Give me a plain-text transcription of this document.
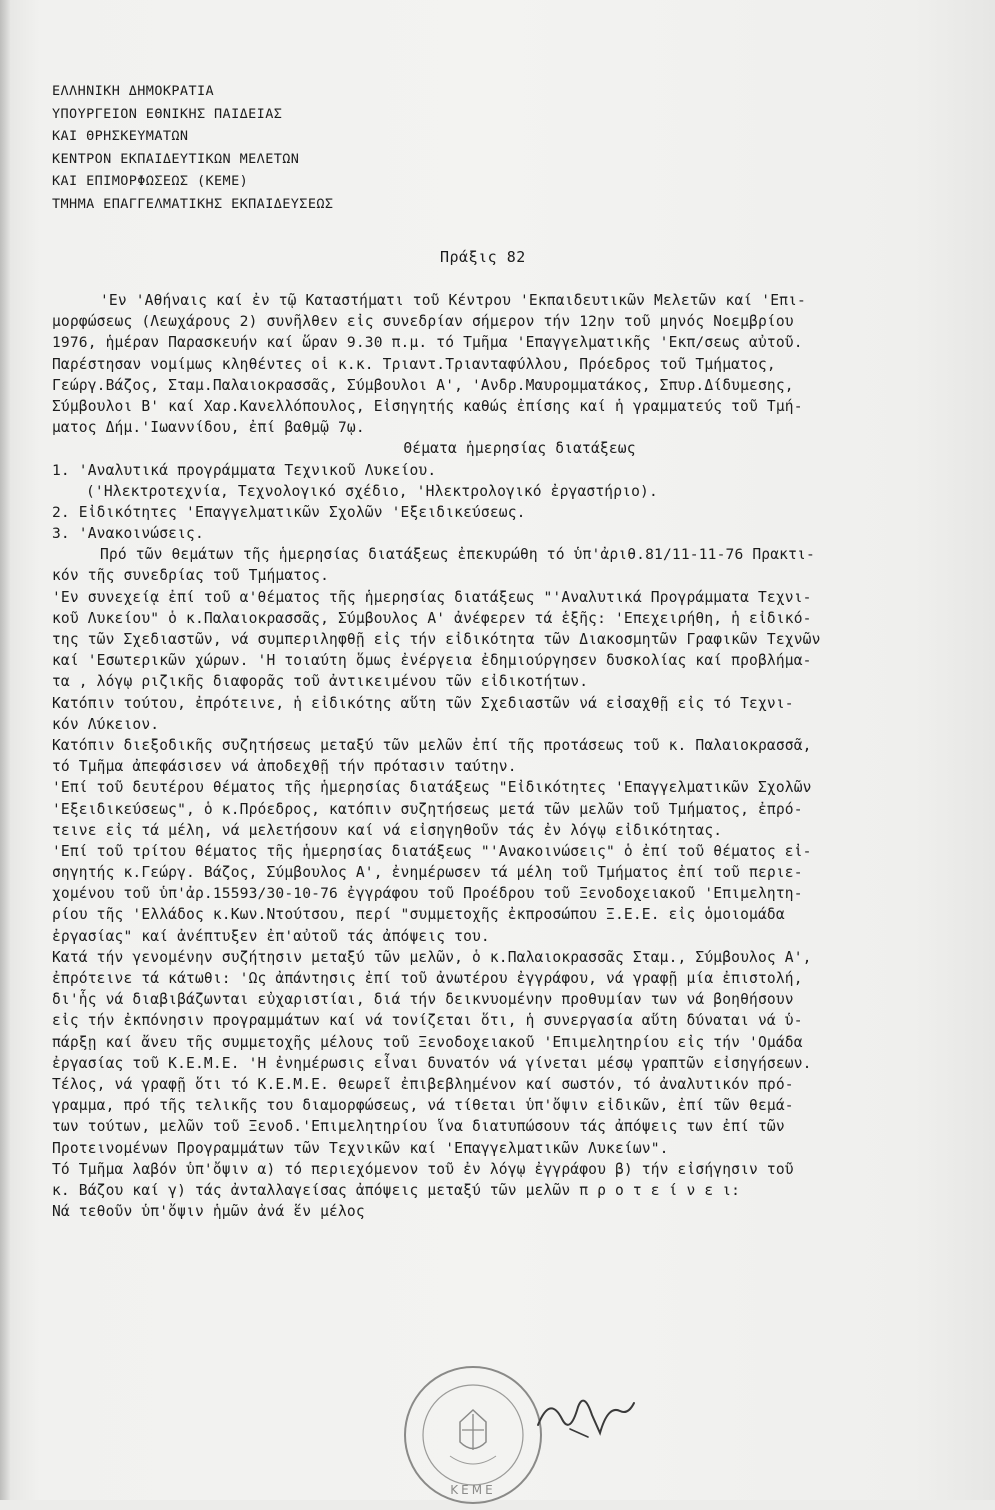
ΕΛΛΗΝΙΚΗ ΔΗΜΟΚΡΑΤΙΑ
ΥΠΟΥΡΓΕΙΟΝ ΕΘΝΙΚΗΣ ΠΑΙΔΕΙΑΣ
ΚΑΙ ΘΡΗΣΚΕΥΜΑΤΩΝ
ΚΕΝΤΡΟΝ ΕΚΠΑΙΔΕΥΤΙΚΩΝ ΜΕΛΕΤΩΝ
ΚΑΙ ΕΠΙΜΟΡΦΩΣΕΩΣ (ΚΕΜΕ)
ΤΜΗΜΑ ΕΠΑΓΓΕΛΜΑΤΙΚΗΣ ΕΚΠΑΙΔΕΥΣΕΩΣ
Πράξις 82
'Εν 'Αθήναις καί ἐν τῷ Καταστήματι τοῦ Κέντρου 'Εκπαιδευτικῶν Μελετῶν καί 'Επι-
μορφώσεως (Λεωχάρους 2) συνῆλθεν εἰς συνεδρίαν σήμερον τήν 12ην τοῦ μηνός Νοεμβρίου
1976, ἡμέραν Παρασκευήν καί ὥραν 9.30 π.μ. τό Τμῆμα 'Επαγγελματικῆς 'Εκπ/σεως αὐτοῦ.
Παρέστησαν νομίμως κληθέντες οἱ κ.κ. Τριαντ.Τριανταφύλλου, Πρόεδρος τοῦ Τμήματος,
Γεώργ.Βάζος, Σταμ.Παλαιοκρασσᾶς, Σύμβουλοι Α', 'Ανδρ.Μαυρομματάκος, Σπυρ.Δίδυμεσης,
Σύμβουλοι Β' καί Χαρ.Κανελλόπουλος, Εἰσηγητής καθώς ἐπίσης καί ἡ γραμματεύς τοῦ Τμή-
ματος Δήμ.'Ιωαννίδου, ἐπί βαθμῷ 7ῳ.
Θέματα ἡμερησίας διατάξεως
1. 'Αναλυτικά προγράμματα Τεχνικοῦ Λυκείου.
('Ηλεκτροτεχνία, Τεχνολογικό σχέδιο, 'Ηλεκτρολογικό ἐργαστήριο).
2. Εἰδικότητες 'Επαγγελματικῶν Σχολῶν 'Εξειδικεύσεως.
3. 'Ανακοινώσεις.
Πρό τῶν θεμάτων τῆς ἡμερησίας διατάξεως ἐπεκυρώθη τό ὑπ'ἀριθ.81/11-11-76 Πρακτι-
κόν τῆς συνεδρίας τοῦ Τμήματος.
'Εν συνεχείᾳ ἐπί τοῦ α'θέματος τῆς ἡμερησίας διατάξεως "'Αναλυτικά Προγράμματα Τεχνι-
κοῦ Λυκείου" ὁ κ.Παλαιοκρασσᾶς, Σύμβουλος Α' ἀνέφερεν τά ἑξῆς: 'Επεχειρήθη, ἡ εἰδικό-
της τῶν Σχεδιαστῶν, νά συμπεριληφθῇ εἰς τήν εἰδικότητα τῶν Διακοσμητῶν Γραφικῶν Τεχνῶν
καί 'Εσωτερικῶν χώρων. 'Η τοιαύτη ὅμως ἐνέργεια ἐδημιούργησεν δυσκολίας καί προβλήμα-
τα , λόγῳ ριζικῆς διαφορᾶς τοῦ ἀντικειμένου τῶν εἰδικοτήτων.
Κατόπιν τούτου, ἐπρότεινε, ἡ εἰδικότης αὕτη τῶν Σχεδιαστῶν νά εἰσαχθῇ εἰς τό Τεχνι-
κόν Λύκειον.
Κατόπιν διεξοδικῆς συζητήσεως μεταξύ τῶν μελῶν ἐπί τῆς προτάσεως τοῦ κ. Παλαιοκρασσᾶ,
τό Τμῆμα ἀπεφάσισεν νά ἀποδεχθῇ τήν πρότασιν ταύτην.
'Επί τοῦ δευτέρου θέματος τῆς ἡμερησίας διατάξεως "Εἰδικότητες 'Επαγγελματικῶν Σχολῶν
'Εξειδικεύσεως", ὁ κ.Πρόεδρος, κατόπιν συζητήσεως μετά τῶν μελῶν τοῦ Τμήματος, ἐπρό-
τεινε εἰς τά μέλη, νά μελετήσουν καί νά εἰσηγηθοῦν τάς ἐν λόγῳ εἰδικότητας.
'Επί τοῦ τρίτου θέματος τῆς ἡμερησίας διατάξεως "'Ανακοινώσεις" ὁ ἐπί τοῦ θέματος εἰ-
σηγητής κ.Γεώργ. Βάζος, Σύμβουλος Α', ἐνημέρωσεν τά μέλη τοῦ Τμήματος ἐπί τοῦ περιε-
χομένου τοῦ ὑπ'ἀρ.15593/30-10-76 ἐγγράφου τοῦ Προέδρου τοῦ Ξενοδοχειακοῦ 'Επιμελητη-
ρίου τῆς 'Ελλάδος κ.Κων.Ντούτσου, περί "συμμετοχῆς ἐκπροσώπου Ξ.Ε.Ε. εἰς ὁμοιομάδα
ἐργασίας" καί ἀνέπτυξεν ἐπ'αὐτοῦ τάς ἀπόψεις του.
Κατά τήν γενομένην συζήτησιν μεταξύ τῶν μελῶν, ὁ κ.Παλαιοκρασσᾶς Σταμ., Σύμβουλος Α',
ἐπρότεινε τά κάτωθι: 'Ως ἀπάντησις ἐπί τοῦ ἀνωτέρου ἐγγράφου, νά γραφῇ μία ἐπιστολή,
δι'ἧς νά διαβιβάζωνται εὐχαριστίαι, διά τήν δεικνυομένην προθυμίαν των νά βοηθήσουν
εἰς τήν ἐκπόνησιν προγραμμάτων καί νά τονίζεται ὅτι, ἡ συνεργασία αὕτη δύναται νά ὑ-
πάρξῃ καί ἄνευ τῆς συμμετοχῆς μέλους τοῦ Ξενοδοχειακοῦ 'Επιμελητηρίου εἰς τήν 'Ομάδα
ἐργασίας τοῦ Κ.Ε.Μ.Ε. 'Η ἐνημέρωσις εἶναι δυνατόν νά γίνεται μέσῳ γραπτῶν εἰσηγήσεων.
Τέλος, νά γραφῇ ὅτι τό Κ.Ε.Μ.Ε. θεωρεῖ ἐπιβεβλημένον καί σωστόν, τό ἀναλυτικόν πρό-
γραμμα, πρό τῆς τελικῆς του διαμορφώσεως, νά τίθεται ὑπ'ὄψιν εἰδικῶν, ἐπί τῶν θεμά-
των τούτων, μελῶν τοῦ Ξενοδ.'Επιμελητηρίου ἵνα διατυπώσουν τάς ἀπόψεις των ἐπί τῶν
Προτεινομένων Προγραμμάτων τῶν Τεχνικῶν καί 'Επαγγελματικῶν Λυκείων".
Τό Τμῆμα λαβόν ὑπ'ὄψιν α) τό περιεχόμενον τοῦ ἐν λόγῳ ἐγγράφου β) τήν εἰσήγησιν τοῦ
κ. Βάζου καί γ) τάς ἀνταλλαγείσας ἀπόψεις μεταξύ τῶν μελῶν π ρ ο τ ε ί ν ε ι:
Νά τεθοῦν ὑπ'ὄψιν ἡμῶν ἀνά ἕν μέλος
ΚΕΜΕ
